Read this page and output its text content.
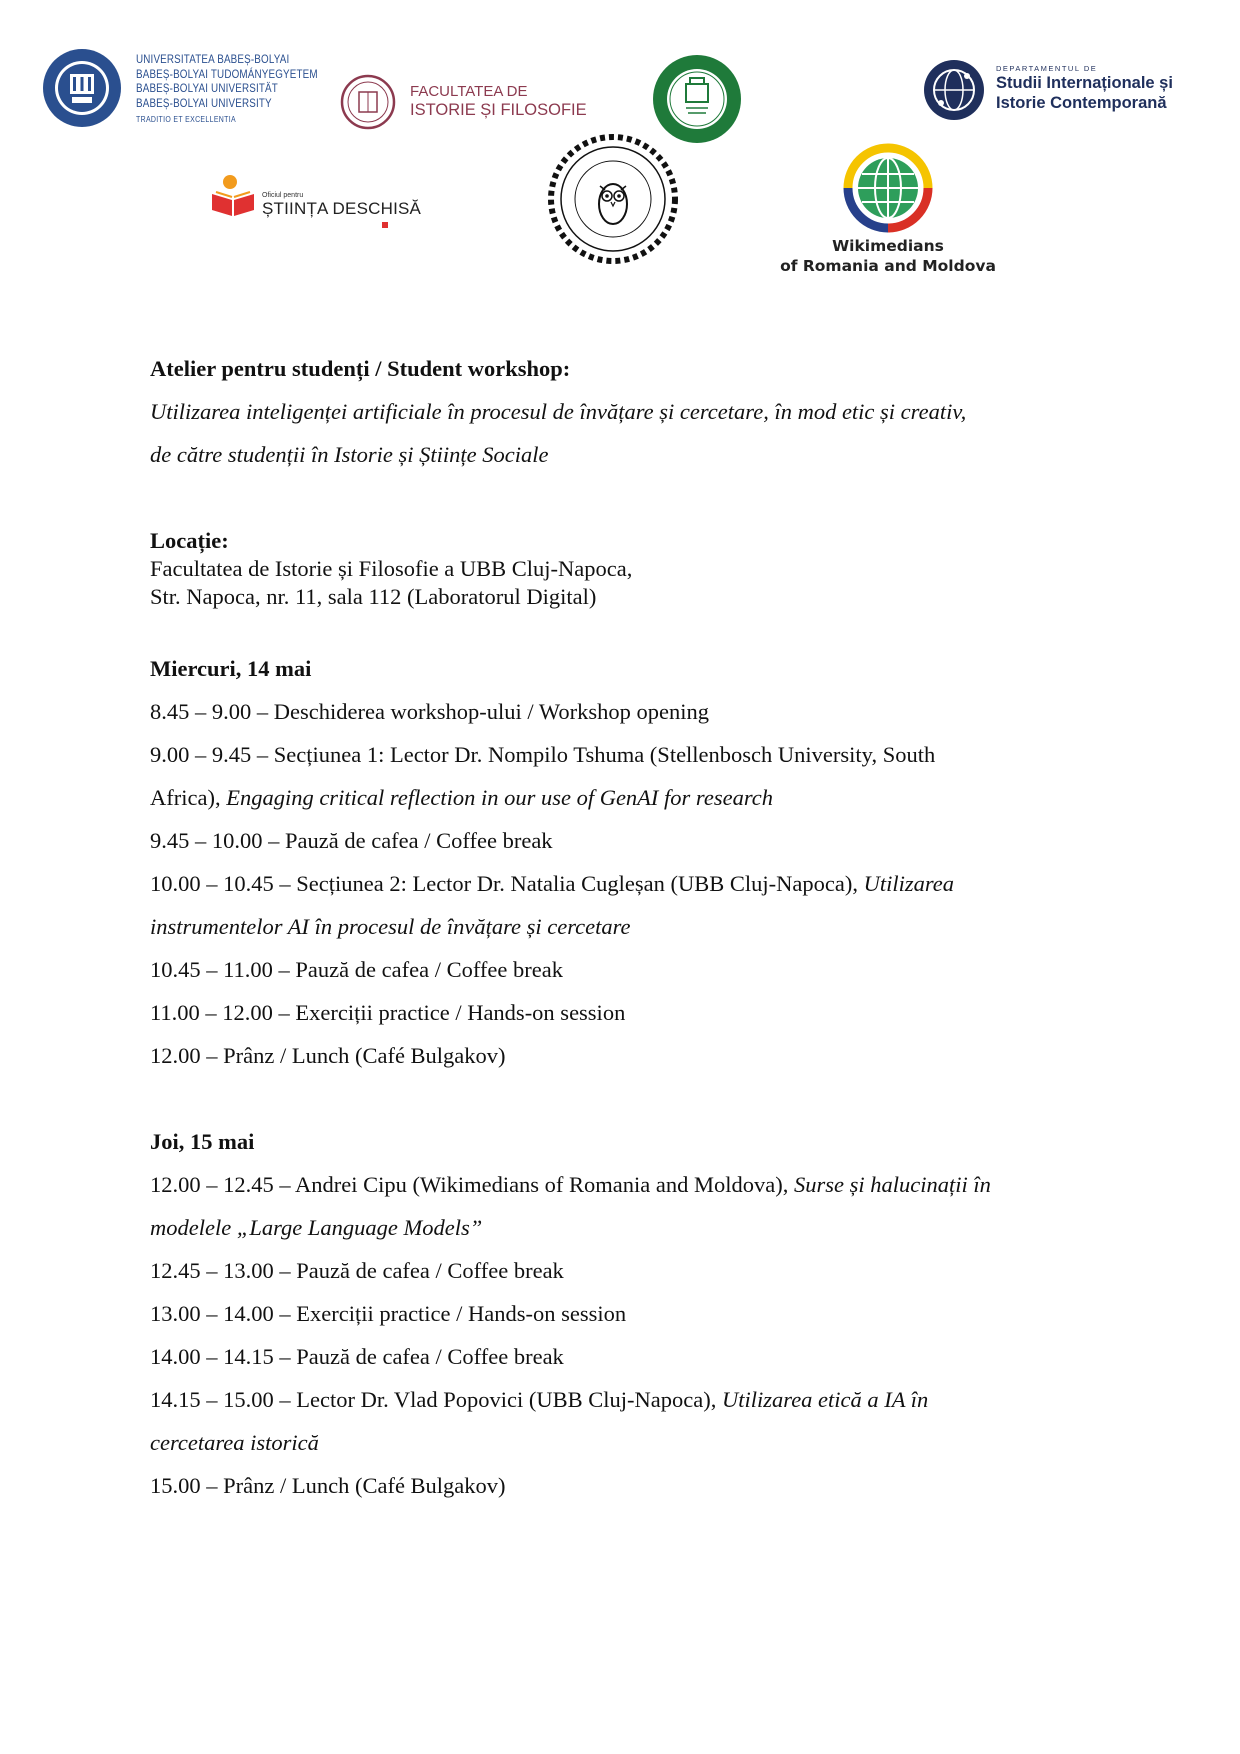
UNIVERSITATEA BABEȘ-BOLYAI
BABEȘ-BOLYAI TUDOMÁNYEGYETEM
BABEȘ-BOLYAI UNIVERSITÄT
BABEȘ-BOLYAI UNIVERSITY
TRADITIO ET EXCELLENTIA
FACULTATEA DE
ISTORIE ȘI FILOSOFIE
DEPARTAMENTUL DE
Studii Internaționale și
Istorie Contemporană
Oficiul pentru
ȘTIINȚA DESCHISĂ
Wikimedians
of Romania and Moldova
Atelier pentru studenți / Student workshop:
Utilizarea inteligenței artificiale în procesul de învățare și cercetare, în mod etic și creativ,
de către studenții în Istorie și Științe Sociale
Locație:
Facultatea de Istorie și Filosofie a UBB Cluj-Napoca,
Str. Napoca, nr. 11, sala 112 (Laboratorul Digital)
Miercuri, 14 mai
8.45 – 9.00 – Deschiderea workshop-ului / Workshop opening
9.00 – 9.45 – Secțiunea 1: Lector Dr. Nompilo Tshuma (Stellenbosch University, South
Africa), Engaging critical reflection in our use of GenAI for research
9.45 – 10.00 – Pauză de cafea / Coffee break
10.00 – 10.45 – Secțiunea 2: Lector Dr. Natalia Cugleșan (UBB Cluj-Napoca), Utilizarea
instrumentelor AI în procesul de învățare și cercetare
10.45 – 11.00 – Pauză de cafea / Coffee break
11.00 – 12.00 – Exerciții practice / Hands-on session
12.00 – Prânz / Lunch (Café Bulgakov)
Joi, 15 mai
12.00 – 12.45 – Andrei Cipu (Wikimedians of Romania and Moldova), Surse și halucinații în
modelele „Large Language Models”
12.45 – 13.00 – Pauză de cafea / Coffee break
13.00 – 14.00 – Exerciții practice / Hands-on session
14.00 – 14.15 – Pauză de cafea / Coffee break
14.15 – 15.00 – Lector Dr. Vlad Popovici (UBB Cluj-Napoca), Utilizarea etică a IA în
cercetarea istorică
15.00 – Prânz / Lunch (Café Bulgakov)
